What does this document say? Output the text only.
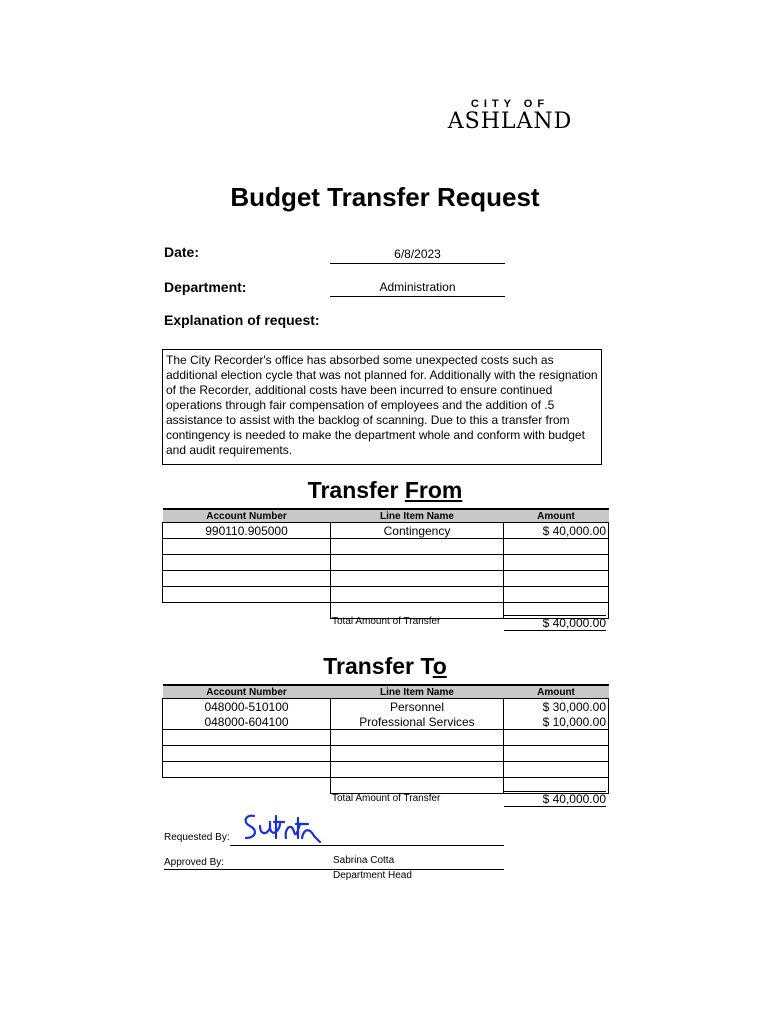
CITY OF
ASHLAND
Budget Transfer Request
Date:	6/8/2023
Department:	Administration
Explanation of request:
The City Recorder's office has absorbed some unexpected costs such as additional election cycle that was not planned for. Additionally with the resignation of the Recorder, additional costs have been incurred to ensure continued operations through fair compensation of employees and the addition of .5 assistance to assist with the backlog of scanning. Due to this a transfer from contingency is needed to make the department whole and conform with budget and audit requirements.
Transfer From
Account Number	Line Item Name	Amount
990110.905000	Contingency	$ 40,000.00

Total Amount of Transfer	$ 40,000.00
Transfer To
Account Number	Line Item Name	Amount
048000-510100	Personnel	$ 30,000.00
048000-604100	Professional Services	$ 10,000.00

Total Amount of Transfer	$ 40,000.00
Requested By:
Approved By:	Sabrina Cotta
Department Head
